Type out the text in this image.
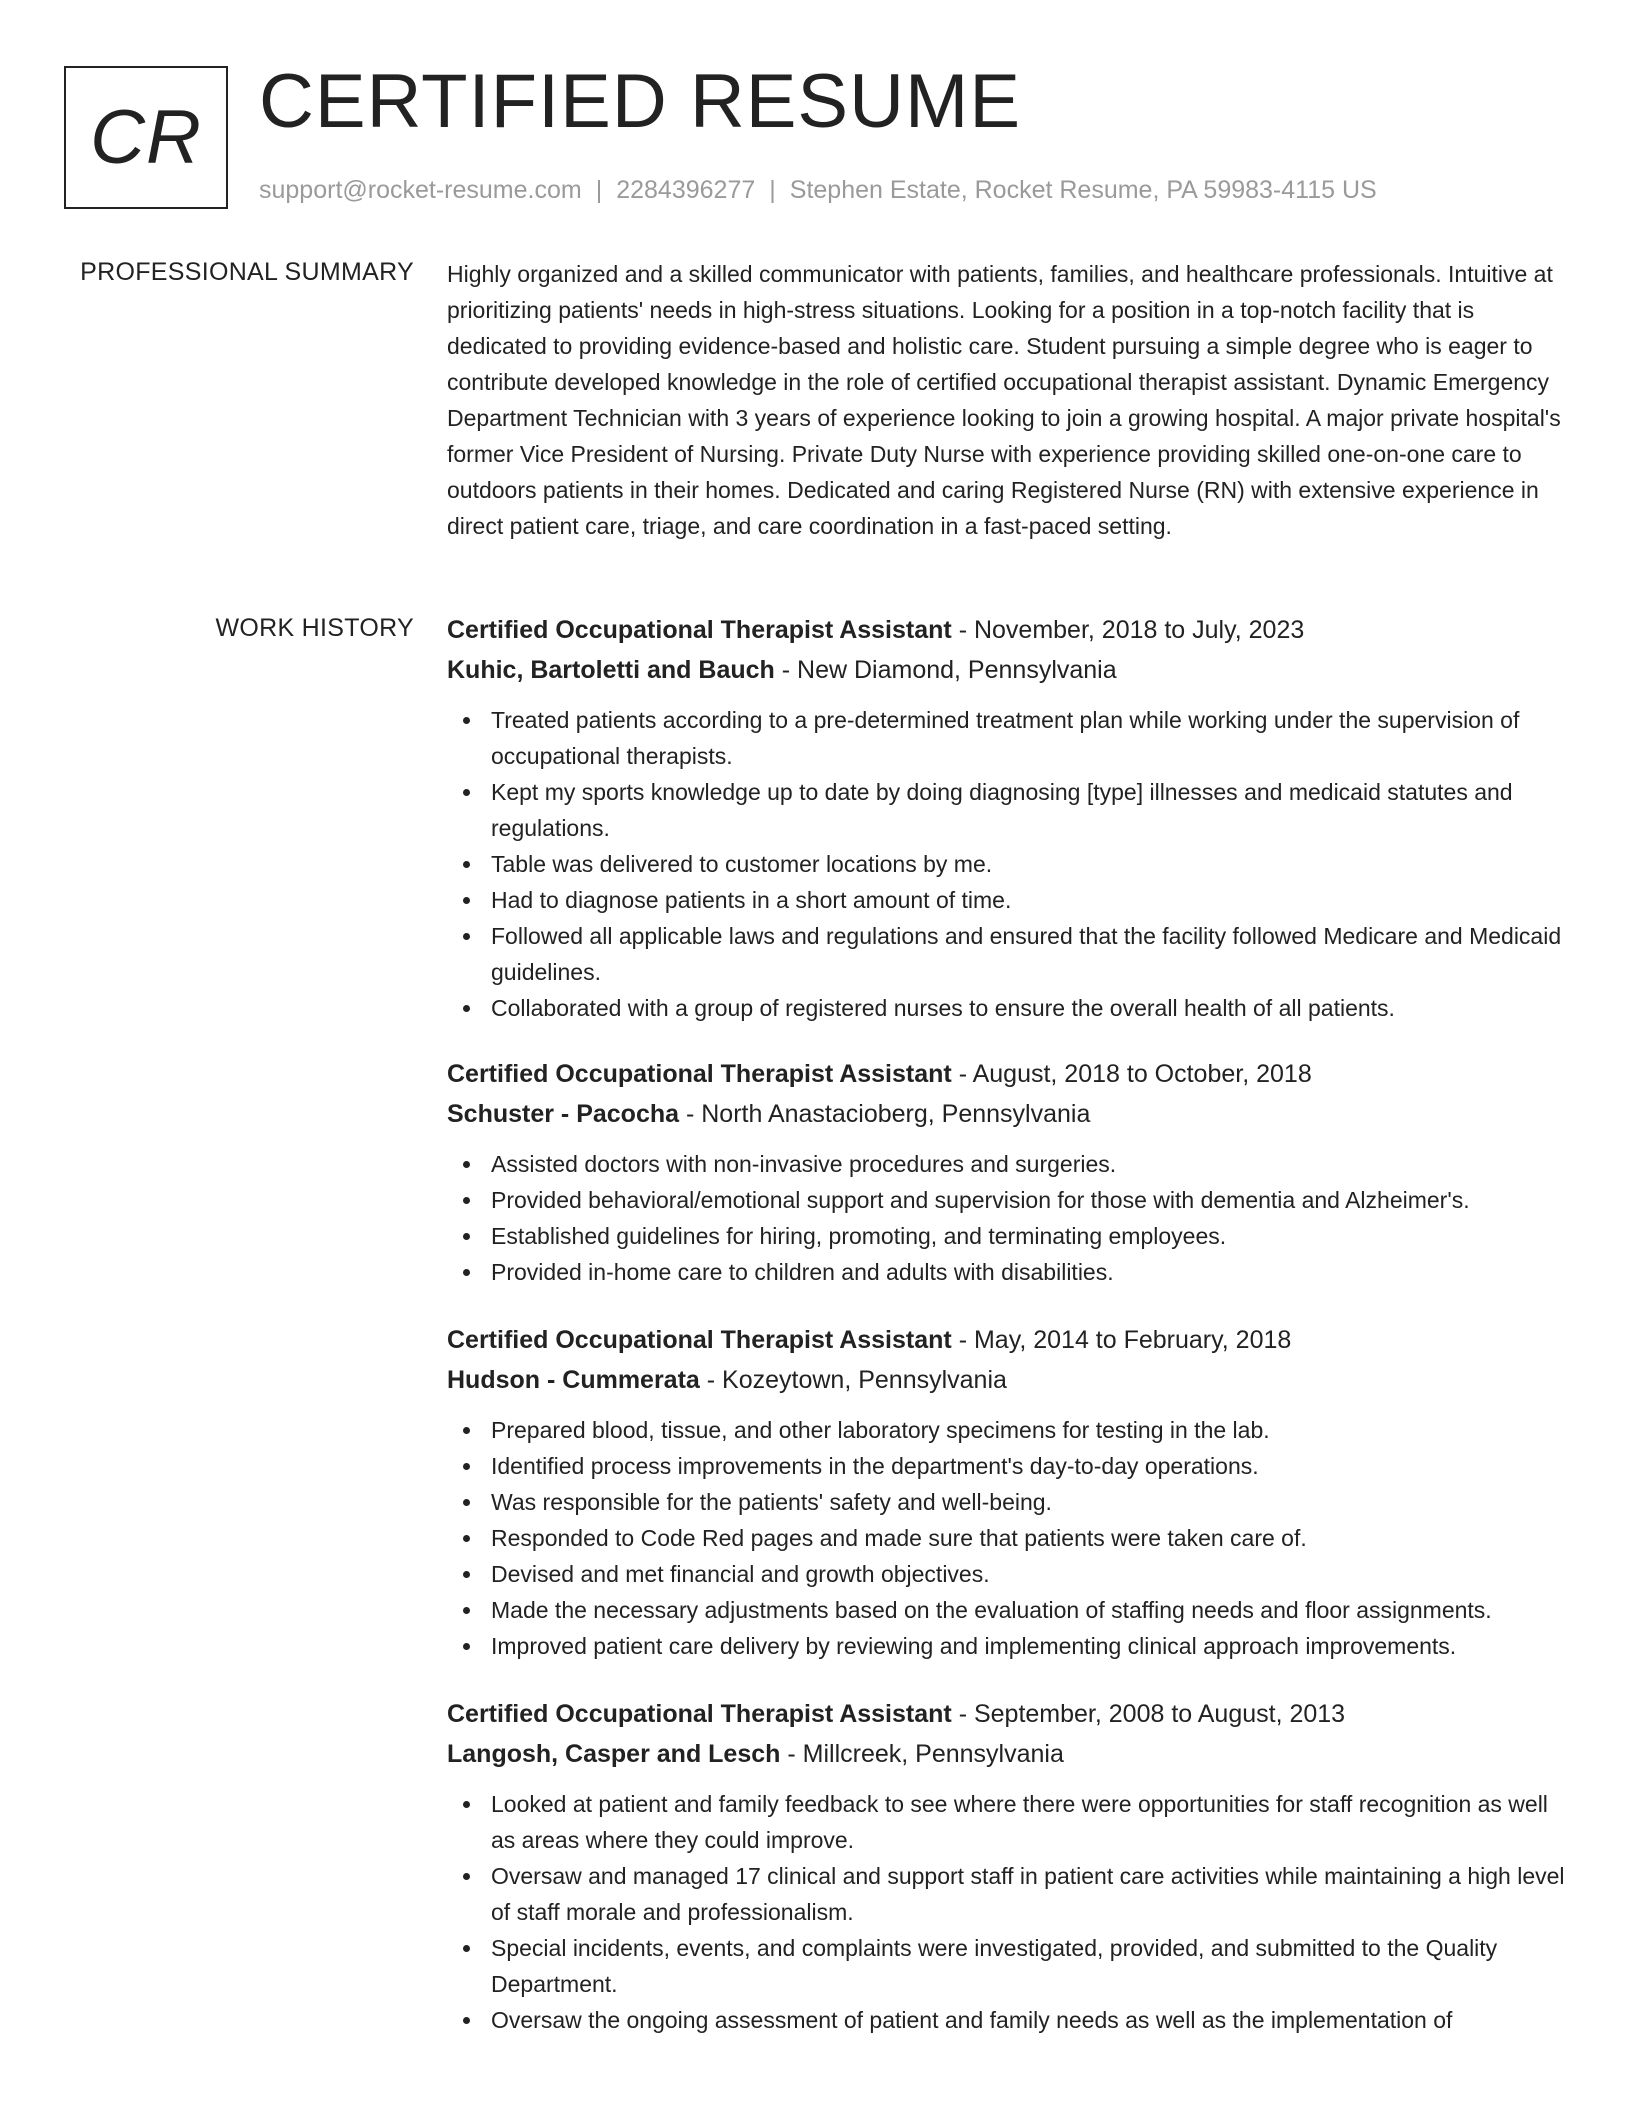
CR CERTIFIED RESUME
support@rocket-resume.com | 2284396277 | Stephen Estate, Rocket Resume, PA 59983-4115 US
PROFESSIONAL SUMMARY Highly organized and a skilled communicator with patients, families, and healthcare professionals. Intuitive at prioritizing patients' needs in high-stress situations. Looking for a position in a top-notch facility that is dedicated to providing evidence-based and holistic care. Student pursuing a simple degree who is eager to contribute developed knowledge in the role of certified occupational therapist assistant. Dynamic Emergency Department Technician with 3 years of experience looking to join a growing hospital. A major private hospital's former Vice President of Nursing. Private Duty Nurse with experience providing skilled one-on-one care to outdoors patients in their homes. Dedicated and caring Registered Nurse (RN) with extensive experience in direct patient care, triage, and care coordination in a fast-paced setting.
WORK HISTORY Certified Occupational Therapist Assistant - November, 2018 to July, 2023
Kuhic, Bartoletti and Bauch - New Diamond, Pennsylvania
Treated patients according to a pre-determined treatment plan while working under the supervision of occupational therapists.
Kept my sports knowledge up to date by doing diagnosing [type] illnesses and medicaid statutes and regulations.
Table was delivered to customer locations by me.
Had to diagnose patients in a short amount of time.
Followed all applicable laws and regulations and ensured that the facility followed Medicare and Medicaid guidelines.
Collaborated with a group of registered nurses to ensure the overall health of all patients.
Certified Occupational Therapist Assistant - August, 2018 to October, 2018
Schuster - Pacocha - North Anastacioberg, Pennsylvania
Assisted doctors with non-invasive procedures and surgeries.
Provided behavioral/emotional support and supervision for those with dementia and Alzheimer's.
Established guidelines for hiring, promoting, and terminating employees.
Provided in-home care to children and adults with disabilities.
Certified Occupational Therapist Assistant - May, 2014 to February, 2018
Hudson - Cummerata - Kozeytown, Pennsylvania
Prepared blood, tissue, and other laboratory specimens for testing in the lab.
Identified process improvements in the department's day-to-day operations.
Was responsible for the patients' safety and well-being.
Responded to Code Red pages and made sure that patients were taken care of.
Devised and met financial and growth objectives.
Made the necessary adjustments based on the evaluation of staffing needs and floor assignments.
Improved patient care delivery by reviewing and implementing clinical approach improvements.
Certified Occupational Therapist Assistant - September, 2008 to August, 2013
Langosh, Casper and Lesch - Millcreek, Pennsylvania
Looked at patient and family feedback to see where there were opportunities for staff recognition as well as areas where they could improve.
Oversaw and managed 17 clinical and support staff in patient care activities while maintaining a high level of staff morale and professionalism.
Special incidents, events, and complaints were investigated, provided, and submitted to the Quality Department.
Oversaw the ongoing assessment of patient and family needs as well as the implementation of
